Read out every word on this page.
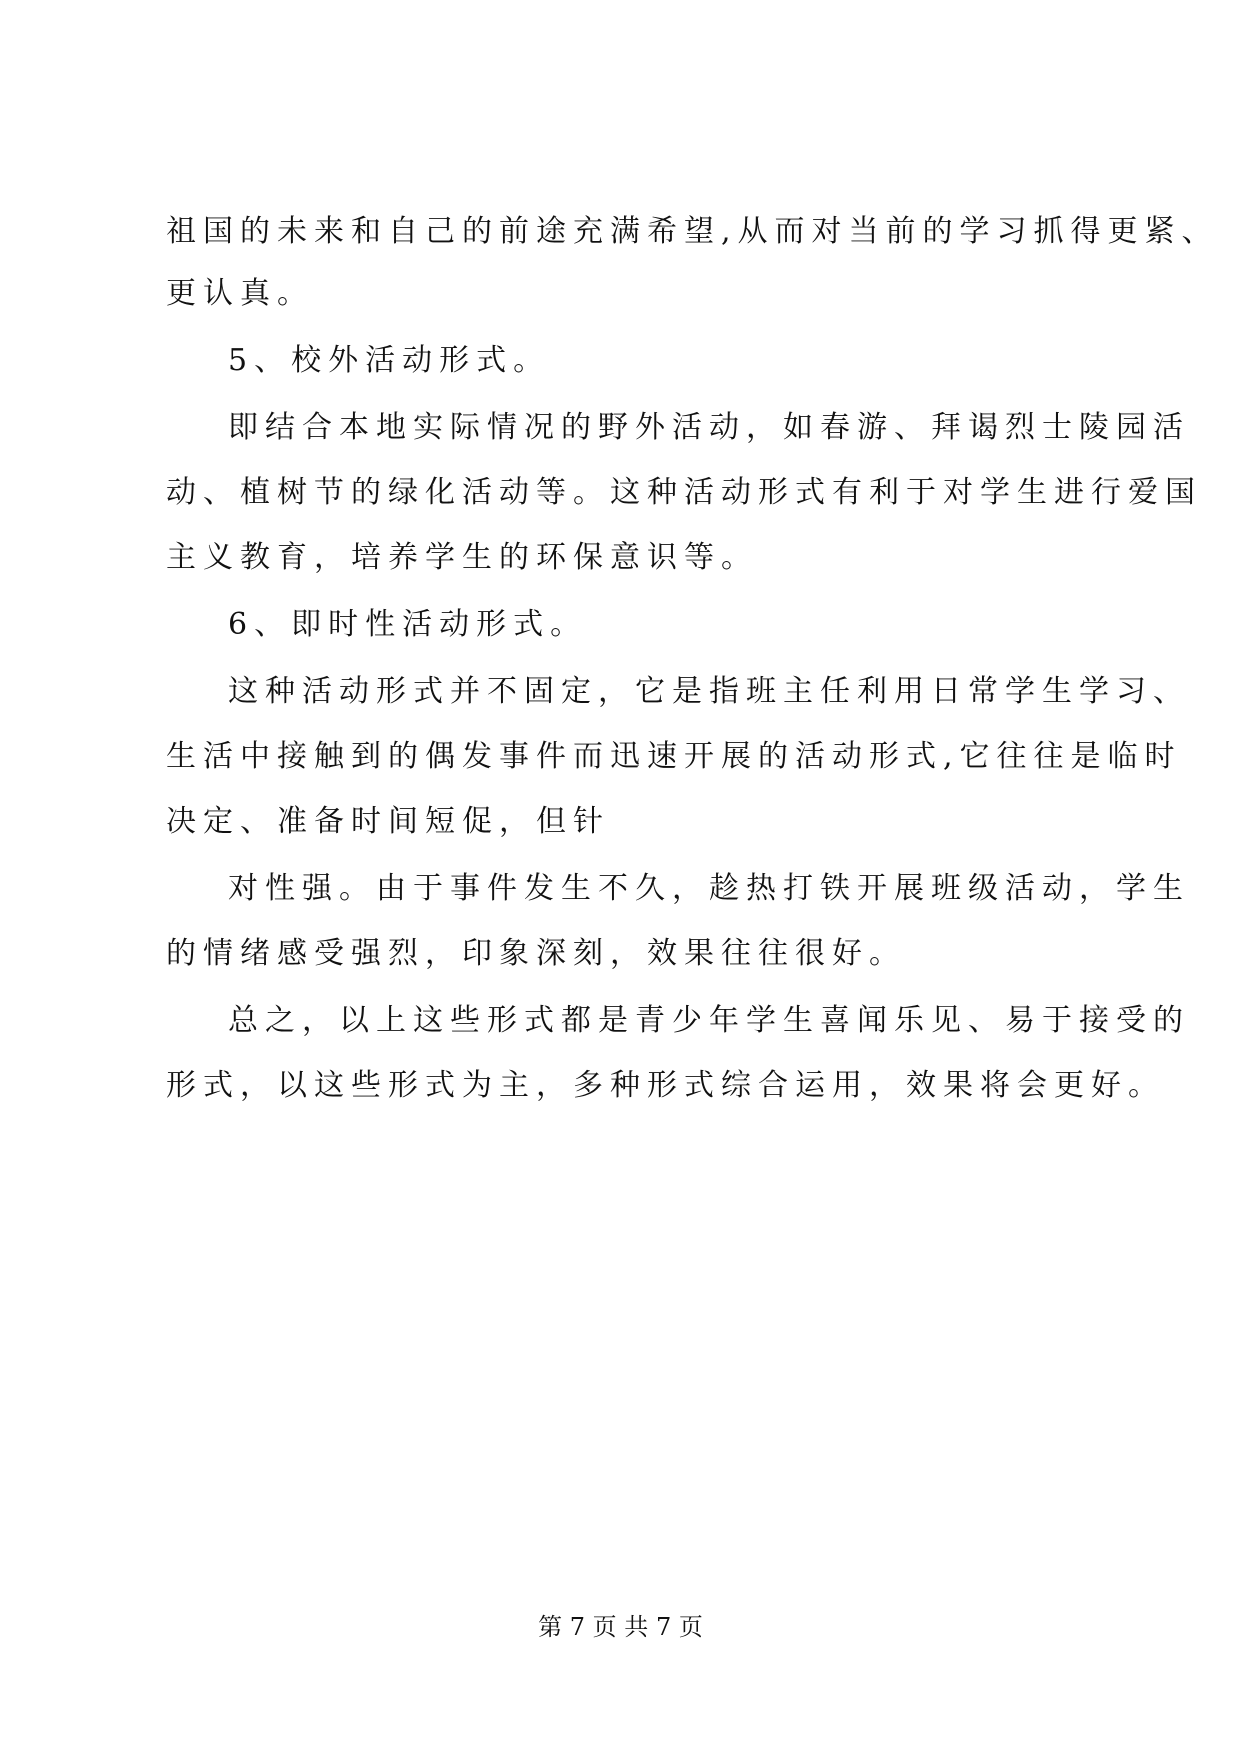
祖国的未来和自己的前途充满希望,从而对当前的学习抓得更紧、

更认真。

5、校外活动形式。

即结合本地实际情况的野外活动，如春游、拜谒烈士陵园活

动、植树节的绿化活动等。这种活动形式有利于对学生进行爱国

主义教育，培养学生的环保意识等。

6、即时性活动形式。

这种活动形式并不固定，它是指班主任利用日常学生学习、

生活中接触到的偶发事件而迅速开展的活动形式,它往往是临时

决定、准备时间短促，但针

对性强。由于事件发生不久，趁热打铁开展班级活动，学生

的情绪感受强烈，印象深刻，效果往往很好。

总之，以上这些形式都是青少年学生喜闻乐见、易于接受的

形式，以这些形式为主，多种形式综合运用，效果将会更好。

第 7 页 共 7 页
